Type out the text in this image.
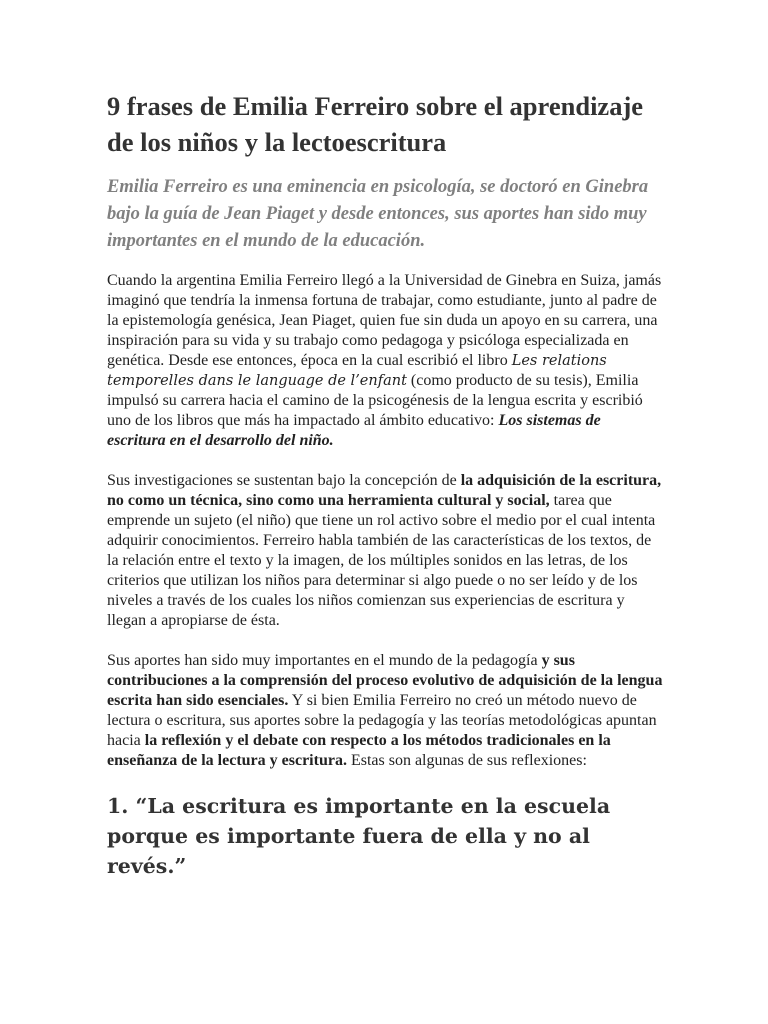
9 frases de Emilia Ferreiro sobre el aprendizaje de los niños y la lectoescritura

Emilia Ferreiro es una eminencia en psicología, se doctoró en Ginebra bajo la guía de Jean Piaget y desde entonces, sus aportes han sido muy importantes en el mundo de la educación.

Cuando la argentina Emilia Ferreiro llegó a la Universidad de Ginebra en Suiza, jamás imaginó que tendría la inmensa fortuna de trabajar, como estudiante, junto al padre de la epistemología genésica, Jean Piaget, quien fue sin duda un apoyo en su carrera, una inspiración para su vida y su trabajo como pedagoga y psicóloga especializada en genética. Desde ese entonces, época en la cual escribió el libro Les relations temporelles dans le language de l’enfant (como producto de su tesis), Emilia impulsó su carrera hacia el camino de la psicogénesis de la lengua escrita y escribió uno de los libros que más ha impactado al ámbito educativo: Los sistemas de escritura en el desarrollo del niño.

Sus investigaciones se sustentan bajo la concepción de la adquisición de la escritura, no como un técnica, sino como una herramienta cultural y social, tarea que emprende un sujeto (el niño) que tiene un rol activo sobre el medio por el cual intenta adquirir conocimientos. Ferreiro habla también de las características de los textos, de la relación entre el texto y la imagen, de los múltiples sonidos en las letras, de los criterios que utilizan los niños para determinar si algo puede o no ser leído y de los niveles a través de los cuales los niños comienzan sus experiencias de escritura y llegan a apropiarse de ésta.

Sus aportes han sido muy importantes en el mundo de la pedagogía y sus contribuciones a la comprensión del proceso evolutivo de adquisición de la lengua escrita han sido esenciales. Y si bien Emilia Ferreiro no creó un método nuevo de lectura o escritura, sus aportes sobre la pedagogía y las teorías metodológicas apuntan hacia la reflexión y el debate con respecto a los métodos tradicionales en la enseñanza de la lectura y escritura. Estas son algunas de sus reflexiones:

1. “La escritura es importante en la escuela porque es importante fuera de ella y no al revés.”
